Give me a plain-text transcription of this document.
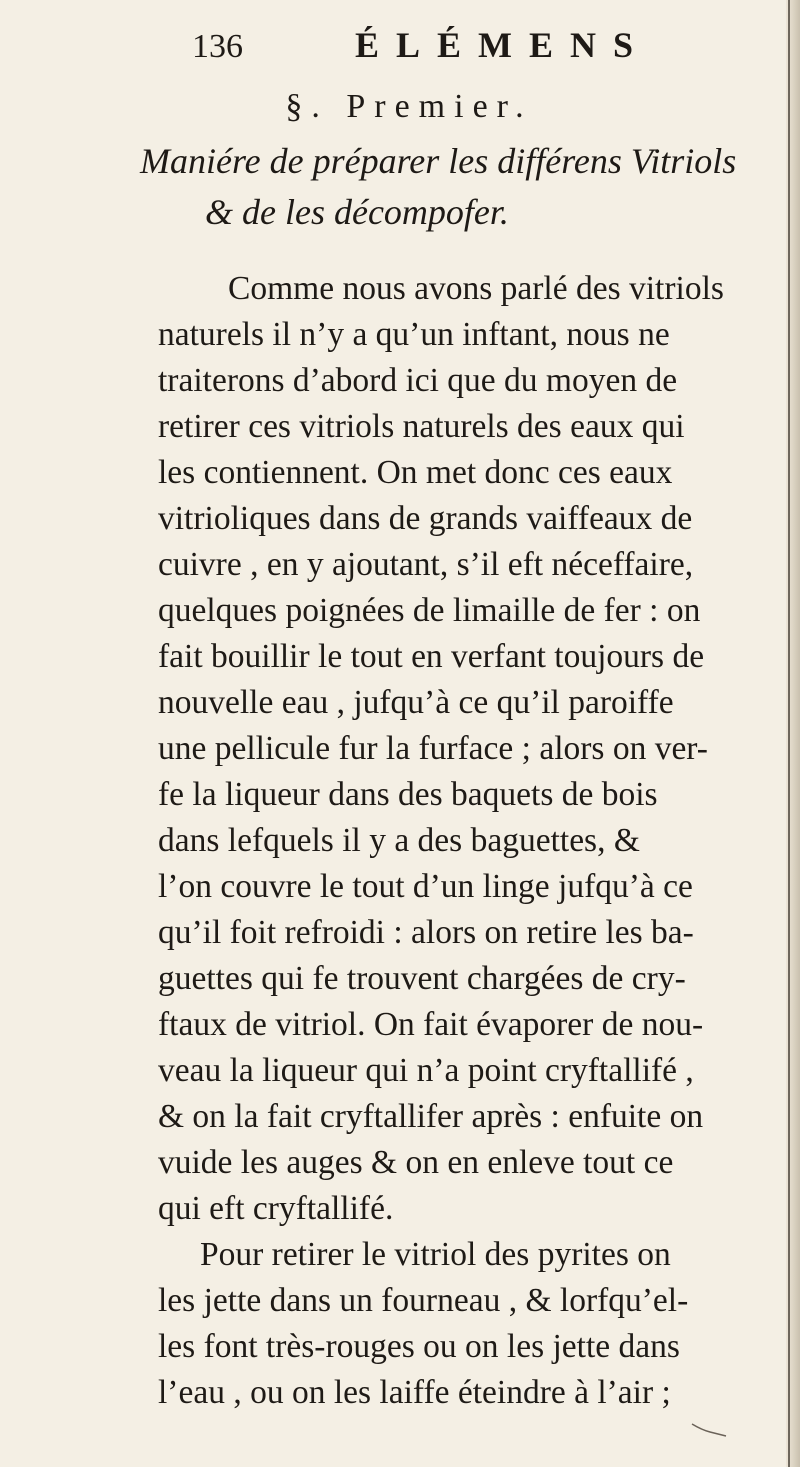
136	ÉLÉMENS
§. Premier.
Maniére de préparer les différens Vitriols
& de les décompofer.
Comme nous avons parlé des vitriols
naturels il n’y a qu’un inftant, nous ne
traiterons d’abord ici que du moyen de
retirer ces vitriols naturels des eaux qui
les contiennent. On met donc ces eaux
vitrioliques dans de grands vaiffeaux de
cuivre , en y ajoutant, s’il eft néceffaire,
quelques poignées de limaille de fer : on
fait bouillir le tout en verfant toujours de
nouvelle eau , jufqu’à ce qu’il paroiffe
une pellicule fur la furface ; alors on ver-
fe la liqueur dans des baquets de bois
dans lefquels il y a des baguettes, &
l’on couvre le tout d’un linge jufqu’à ce
qu’il foit refroidi : alors on retire les ba-
guettes qui fe trouvent chargées de cry-
ftaux de vitriol. On fait évaporer de nou-
veau la liqueur qui n’a point cryftallifé ,
& on la fait cryftallifer après : enfuite on
vuide les auges & on en enleve tout ce
qui eft cryftallifé.
Pour retirer le vitriol des pyrites on
les jette dans un fourneau , & lorfqu’el-
les font très-rouges ou on les jette dans
l’eau , ou on les laiffe éteindre à l’air ;
